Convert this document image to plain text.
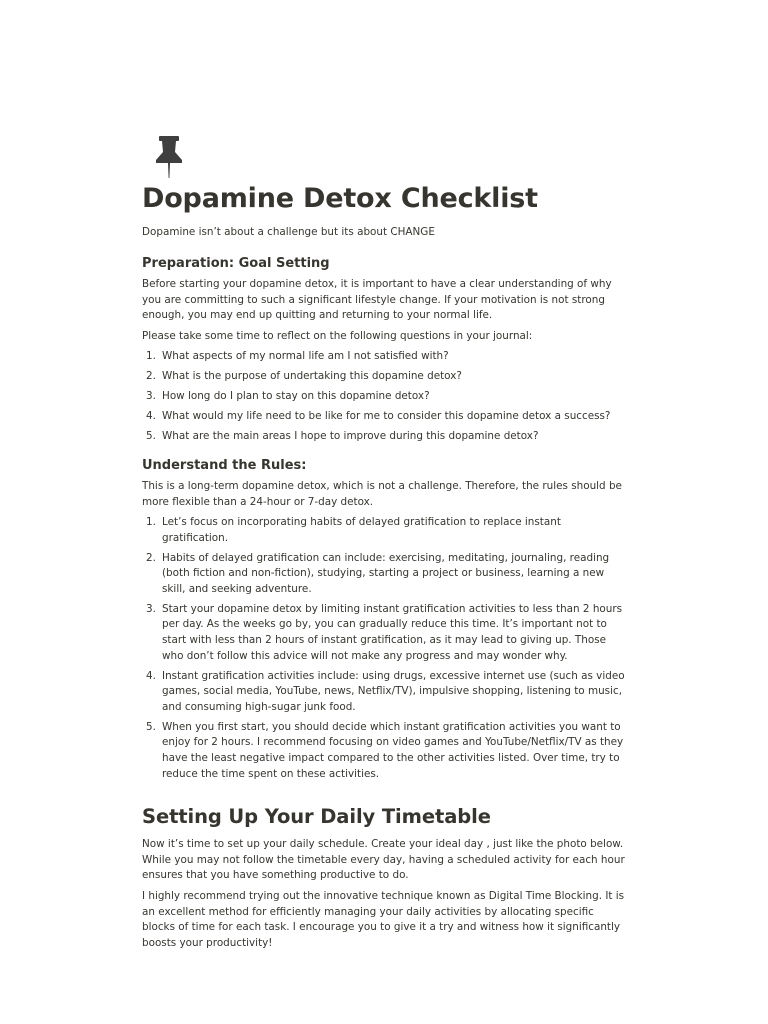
Dopamine Detox Checklist
Dopamine isn’t about a challenge but its about CHANGE
Preparation: Goal Setting

Before starting your dopamine detox, it is important to have a clear understanding of why you are committing to such a significant lifestyle change. If your motivation is not strong enough, you may end up quitting and returning to your normal life.

Please take some time to reflect on the following questions in your journal:

1. What aspects of my normal life am I not satisfied with?
2. What is the purpose of undertaking this dopamine detox?
3. How long do I plan to stay on this dopamine detox?
4. What would my life need to be like for me to consider this dopamine detox a success?
5. What are the main areas I hope to improve during this dopamine detox?
Understand the Rules:

This is a long-term dopamine detox, which is not a challenge. Therefore, the rules should be more flexible than a 24-hour or 7-day detox.

1. Let’s focus on incorporating habits of delayed gratification to replace instant gratification.
2. Habits of delayed gratification can include: exercising, meditating, journaling, reading (both fiction and non-fiction), studying, starting a project or business, learning a new skill, and seeking adventure.
3. Start your dopamine detox by limiting instant gratification activities to less than 2 hours per day. As the weeks go by, you can gradually reduce this time. It’s important not to start with less than 2 hours of instant gratification, as it may lead to giving up. Those who don’t follow this advice will not make any progress and may wonder why.
4. Instant gratification activities include: using drugs, excessive internet use (such as video games, social media, YouTube, news, Netflix/TV), impulsive shopping, listening to music, and consuming high-sugar junk food.
5. When you first start, you should decide which instant gratification activities you want to enjoy for 2 hours. I recommend focusing on video games and YouTube/Netflix/TV as they have the least negative impact compared to the other activities listed. Over time, try to reduce the time spent on these activities.
Setting Up Your Daily Timetable

Now it’s time to set up your daily schedule. Create your ideal day , just like the photo below. While you may not follow the timetable every day, having a scheduled activity for each hour ensures that you have something productive to do.

I highly recommend trying out the innovative technique known as Digital Time Blocking. It is an excellent method for efficiently managing your daily activities by allocating specific blocks of time for each task. I encourage you to give it a try and witness how it significantly boosts your productivity!
